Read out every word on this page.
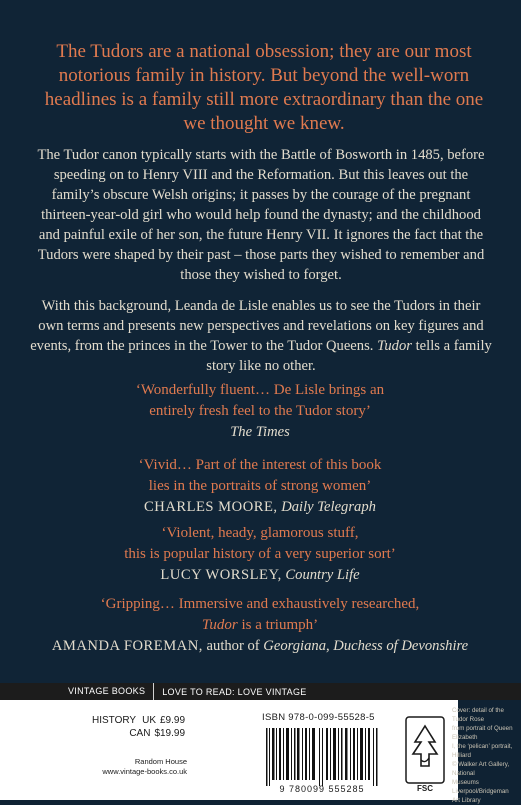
The Tudors are a national obsession; they are our most notorious family in history. But beyond the well-worn headlines is a family still more extraordinary than the one we thought we knew.
The Tudor canon typically starts with the Battle of Bosworth in 1485, before speeding on to Henry VIII and the Reformation. But this leaves out the family’s obscure Welsh origins; it passes by the courage of the pregnant thirteen-year-old girl who would help found the dynasty; and the childhood and painful exile of her son, the future Henry VII. It ignores the fact that the Tudors were shaped by their past – those parts they wished to remember and those they wished to forget.
With this background, Leanda de Lisle enables us to see the Tudors in their own terms and presents new perspectives and revelations on key figures and events, from the princes in the Tower to the Tudor Queens. Tudor tells a family story like no other.
‘Wonderfully fluent… De Lisle brings an
entirely fresh feel to the Tudor story’
The Times
‘Vivid… Part of the interest of this book
lies in the portraits of strong women’
CHARLES MOORE, Daily Telegraph
‘Violent, heady, glamorous stuff,
this is popular history of a very superior sort’
LUCY WORSLEY, Country Life
‘Gripping… Immersive and exhaustively researched,
Tudor is a triumph’
AMANDA FOREMAN, author of Georgiana, Duchess of Devonshire
VINTAGE BOOKS	LOVE TO READ: LOVE VINTAGE
HISTORY UK £9.99
CAN $19.99
Random House
www.vintage-books.co.uk
ISBN 978-0-099-55528-5
9 780099 555285	FSC
Cover: detail of the Tudor Rose
from portrait of Queen Elizabeth
I, the ‘pelican’ portrait, Hilliard
© Walker Art Gallery, National
Museums Liverpool/Bridgeman
Art Library
